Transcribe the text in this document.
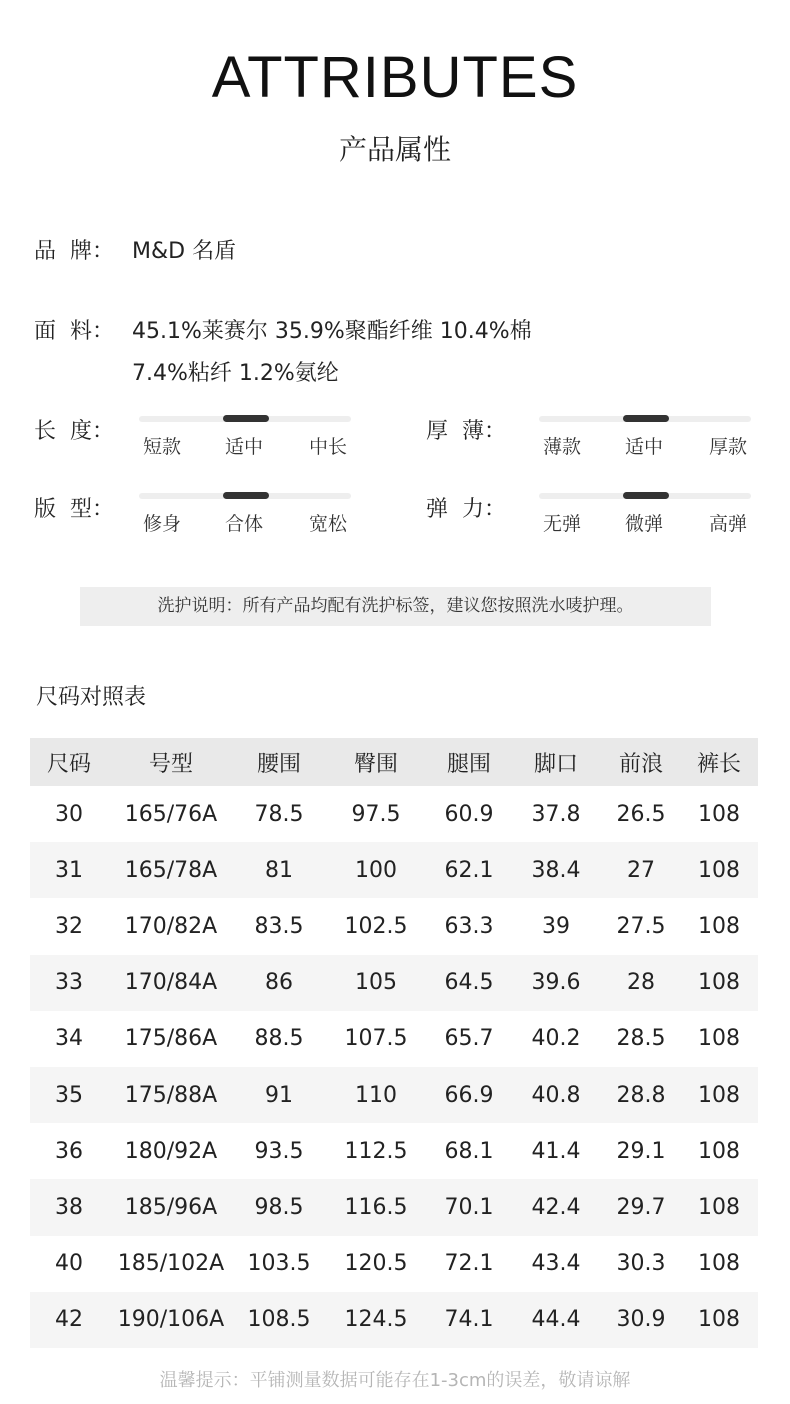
ATTRIBUTES
产品属性
品 牌： M&D 名盾
面 料： 45.1%莱赛尔 35.9%聚酯纤维 10.4%棉
7.4%粘纤 1.2%氨纶
长 度：
短款 适中 中长
厚 薄：
薄款 适中 厚款
版 型：
修身 合体 宽松
弹 力：
无弹 微弹 高弹
洗护说明：所有产品均配有洗护标签，建议您按照洗水唛护理。
尺码对照表
尺码	号型	腰围	臀围	腿围	脚口	前浪	裤长
30	165/76A	78.5	97.5	60.9	37.8	26.5	108
31	165/78A	81	100	62.1	38.4	27	108
32	170/82A	83.5	102.5	63.3	39	27.5	108
33	170/84A	86	105	64.5	39.6	28	108
34	175/86A	88.5	107.5	65.7	40.2	28.5	108
35	175/88A	91	110	66.9	40.8	28.8	108
36	180/92A	93.5	112.5	68.1	41.4	29.1	108
38	185/96A	98.5	116.5	70.1	42.4	29.7	108
40	185/102A	103.5	120.5	72.1	43.4	30.3	108
42	190/106A	108.5	124.5	74.1	44.4	30.9	108
温馨提示：平铺测量数据可能存在1-3cm的误差，敬请谅解
